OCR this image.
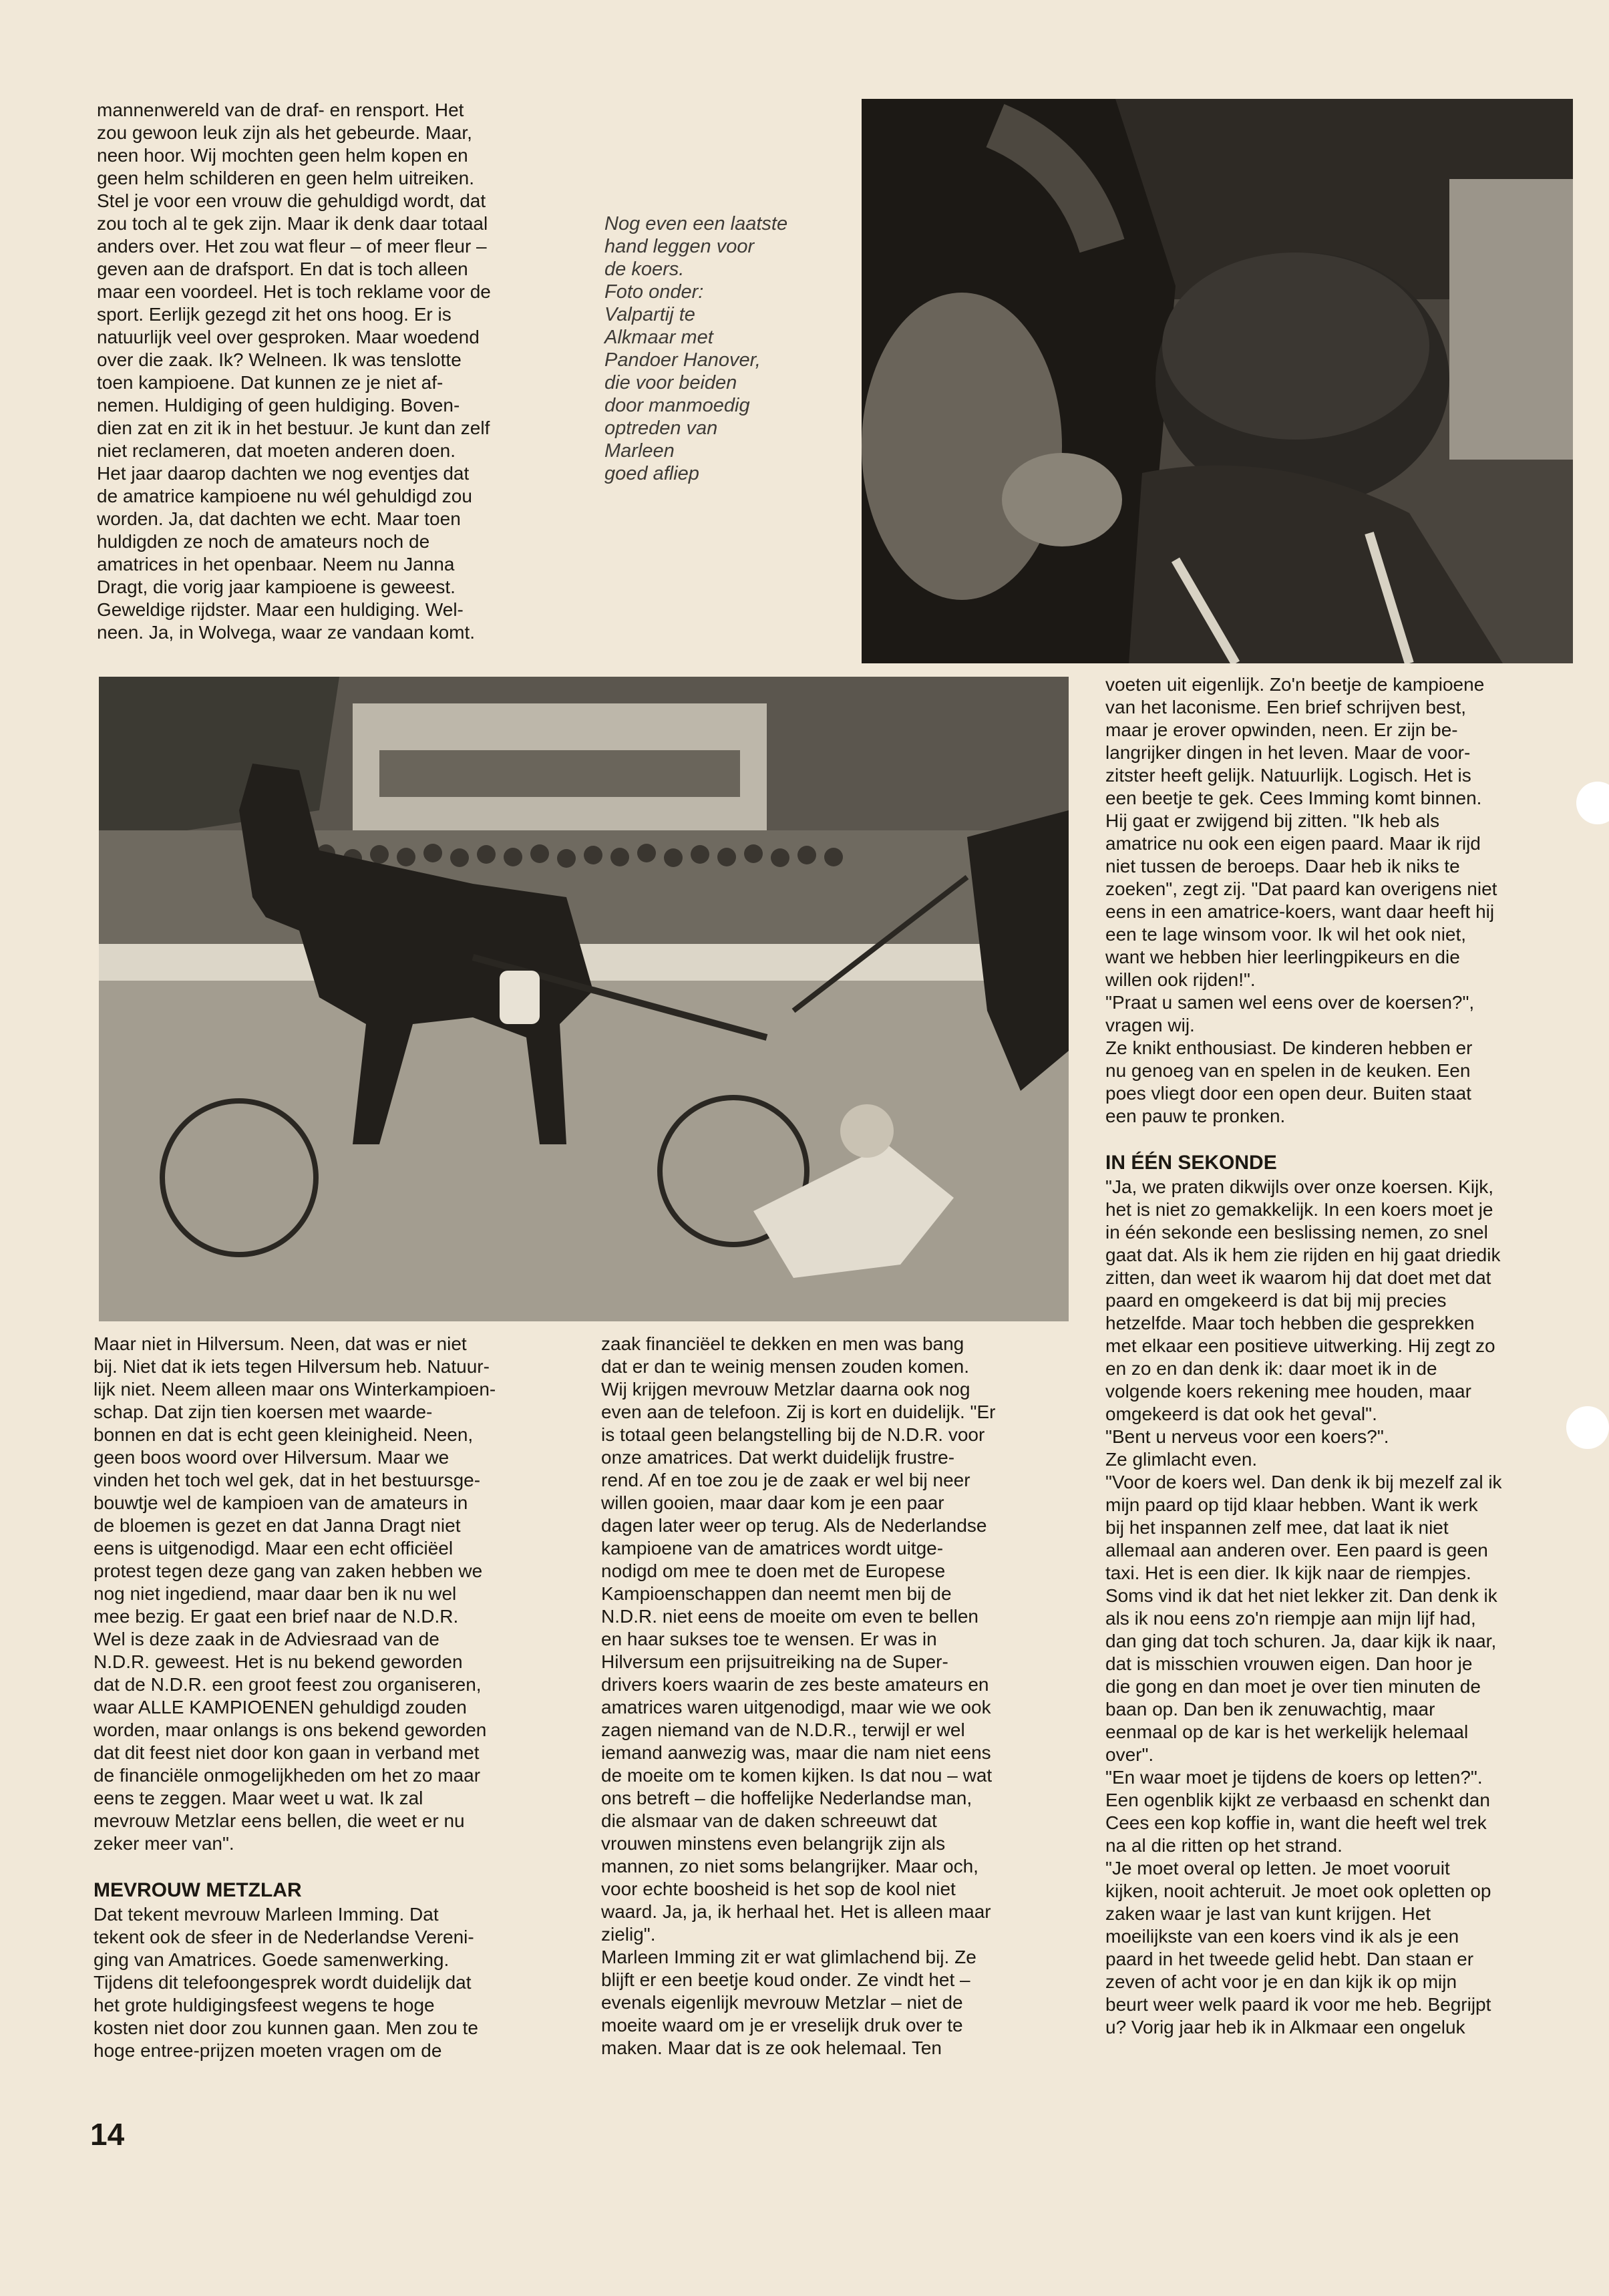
mannenwereld van de draf- en rensport. Het
zou gewoon leuk zijn als het gebeurde. Maar,
neen hoor. Wij mochten geen helm kopen en
geen helm schilderen en geen helm uitreiken.
Stel je voor een vrouw die gehuldigd wordt, dat
zou toch al te gek zijn. Maar ik denk daar totaal
anders over. Het zou wat fleur – of meer fleur –
geven aan de drafsport. En dat is toch alleen
maar een voordeel. Het is toch reklame voor de
sport. Eerlijk gezegd zit het ons hoog. Er is
natuurlijk veel over gesproken. Maar woedend
over die zaak. Ik? Welneen. Ik was tenslotte
toen kampioene. Dat kunnen ze je niet af-
nemen. Huldiging of geen huldiging. Boven-
dien zat en zit ik in het bestuur. Je kunt dan zelf
niet reclameren, dat moeten anderen doen.
Het jaar daarop dachten we nog eventjes dat
de amatrice kampioene nu wél gehuldigd zou
worden. Ja, dat dachten we echt. Maar toen
huldigden ze noch de amateurs noch de
amatrices in het openbaar. Neem nu Janna
Dragt, die vorig jaar kampioene is geweest.
Geweldige rijdster. Maar een huldiging. Wel-
neen. Ja, in Wolvega, waar ze vandaan komt.

Nog even een laatste
hand leggen voor
de koers.
Foto onder:
Valpartij te
Alkmaar met
Pandoer Hanover,
die voor beiden
door manmoedig
optreden van
Marleen
goed afliep

voeten uit eigenlijk. Zo'n beetje de kampioene
van het laconisme. Een brief schrijven best,
maar je erover opwinden, neen. Er zijn be-
langrijker dingen in het leven. Maar de voor-
zitster heeft gelijk. Natuurlijk. Logisch. Het is
een beetje te gek. Cees Imming komt binnen.
Hij gaat er zwijgend bij zitten. "Ik heb als
amatrice nu ook een eigen paard. Maar ik rijd
niet tussen de beroeps. Daar heb ik niks te
zoeken", zegt zij. "Dat paard kan overigens niet
eens in een amatrice-koers, want daar heeft hij
een te lage winsom voor. Ik wil het ook niet,
want we hebben hier leerlingpikeurs en die
willen ook rijden!".
"Praat u samen wel eens over de koersen?",
vragen wij.
Ze knikt enthousiast. De kinderen hebben er
nu genoeg van en spelen in de keuken. Een
poes vliegt door een open deur. Buiten staat
een pauw te pronken.

IN ÉÉN SEKONDE

"Ja, we praten dikwijls over onze koersen. Kijk,
het is niet zo gemakkelijk. In een koers moet je
in één sekonde een beslissing nemen, zo snel
gaat dat. Als ik hem zie rijden en hij gaat driedik
zitten, dan weet ik waarom hij dat doet met dat
paard en omgekeerd is dat bij mij precies
hetzelfde. Maar toch hebben die gesprekken
met elkaar een positieve uitwerking. Hij zegt zo
en zo en dan denk ik: daar moet ik in de
volgende koers rekening mee houden, maar
omgekeerd is dat ook het geval".
"Bent u nerveus voor een koers?".
Ze glimlacht even.
"Voor de koers wel. Dan denk ik bij mezelf zal ik
mijn paard op tijd klaar hebben. Want ik werk
bij het inspannen zelf mee, dat laat ik niet
allemaal aan anderen over. Een paard is geen
taxi. Het is een dier. Ik kijk naar de riempjes.
Soms vind ik dat het niet lekker zit. Dan denk ik
als ik nou eens zo'n riempje aan mijn lijf had,
dan ging dat toch schuren. Ja, daar kijk ik naar,
dat is misschien vrouwen eigen. Dan hoor je
die gong en dan moet je over tien minuten de
baan op. Dan ben ik zenuwachtig, maar
eenmaal op de kar is het werkelijk helemaal
over".
"En waar moet je tijdens de koers op letten?".
Een ogenblik kijkt ze verbaasd en schenkt dan
Cees een kop koffie in, want die heeft wel trek
na al die ritten op het strand.
"Je moet overal op letten. Je moet vooruit
kijken, nooit achteruit. Je moet ook opletten op
zaken waar je last van kunt krijgen. Het
moeilijkste van een koers vind ik als je een
paard in het tweede gelid hebt. Dan staan er
zeven of acht voor je en dan kijk ik op mijn
beurt weer welk paard ik voor me heb. Begrijpt
u? Vorig jaar heb ik in Alkmaar een ongeluk

Maar niet in Hilversum. Neen, dat was er niet
bij. Niet dat ik iets tegen Hilversum heb. Natuur-
lijk niet. Neem alleen maar ons Winterkampioen-
schap. Dat zijn tien koersen met waarde-
bonnen en dat is echt geen kleinigheid. Neen,
geen boos woord over Hilversum. Maar we
vinden het toch wel gek, dat in het bestuursge-
bouwtje wel de kampioen van de amateurs in
de bloemen is gezet en dat Janna Dragt niet
eens is uitgenodigd. Maar een echt officiëel
protest tegen deze gang van zaken hebben we
nog niet ingediend, maar daar ben ik nu wel
mee bezig. Er gaat een brief naar de N.D.R.
Wel is deze zaak in de Adviesraad van de
N.D.R. geweest. Het is nu bekend geworden
dat de N.D.R. een groot feest zou organiseren,
waar ALLE KAMPIOENEN gehuldigd zouden
worden, maar onlangs is ons bekend geworden
dat dit feest niet door kon gaan in verband met
de financiële onmogelijkheden om het zo maar
eens te zeggen. Maar weet u wat. Ik zal
mevrouw Metzlar eens bellen, die weet er nu
zeker meer van".

MEVROUW METZLAR

Dat tekent mevrouw Marleen Imming. Dat
tekent ook de sfeer in de Nederlandse Vereni-
ging van Amatrices. Goede samenwerking.
Tijdens dit telefoongesprek wordt duidelijk dat
het grote huldigingsfeest wegens te hoge
kosten niet door zou kunnen gaan. Men zou te
hoge entree-prijzen moeten vragen om de

zaak financiëel te dekken en men was bang
dat er dan te weinig mensen zouden komen.
Wij krijgen mevrouw Metzlar daarna ook nog
even aan de telefoon. Zij is kort en duidelijk. "Er
is totaal geen belangstelling bij de N.D.R. voor
onze amatrices. Dat werkt duidelijk frustre-
rend. Af en toe zou je de zaak er wel bij neer
willen gooien, maar daar kom je een paar
dagen later weer op terug. Als de Nederlandse
kampioene van de amatrices wordt uitge-
nodigd om mee te doen met de Europese
Kampioenschappen dan neemt men bij de
N.D.R. niet eens de moeite om even te bellen
en haar sukses toe te wensen. Er was in
Hilversum een prijsuitreiking na de Super-
drivers koers waarin de zes beste amateurs en
amatrices waren uitgenodigd, maar wie we ook
zagen niemand van de N.D.R., terwijl er wel
iemand aanwezig was, maar die nam niet eens
de moeite om te komen kijken. Is dat nou – wat
ons betreft – die hoffelijke Nederlandse man,
die alsmaar van de daken schreeuwt dat
vrouwen minstens even belangrijk zijn als
mannen, zo niet soms belangrijker. Maar och,
voor echte boosheid is het sop de kool niet
waard. Ja, ja, ik herhaal het. Het is alleen maar
zielig".
Marleen Imming zit er wat glimlachend bij. Ze
blijft er een beetje koud onder. Ze vindt het –
evenals eigenlijk mevrouw Metzlar – niet de
moeite waard om je er vreselijk druk over te
maken. Maar dat is ze ook helemaal. Ten

14
